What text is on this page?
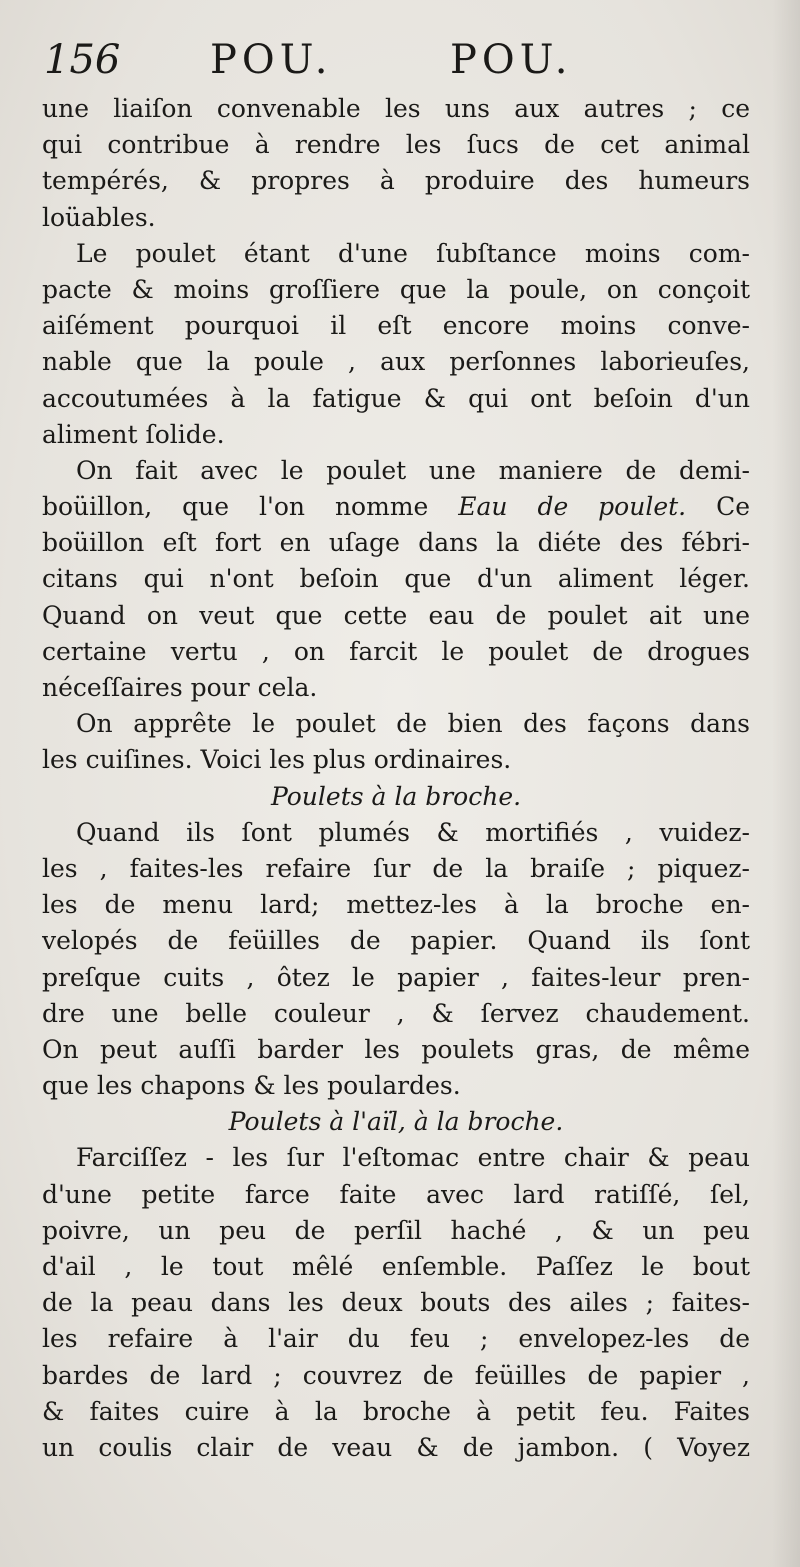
156 POU.	POU.
une liaiſon convenable les uns aux autres ; ce
qui contribue à rendre les ſucs de cet animal
tempérés, & propres à produire des humeurs
loüables.
Le poulet étant d'une ſubſtance moins com-
pacte & moins groſſiere que la poule, on conçoit
aiſément pourquoi il eſt encore moins conve-
nable que la poule , aux perſonnes laborieuſes,
accoutumées à la fatigue & qui ont beſoin d'un
aliment ſolide.
On fait avec le poulet une maniere de demi-
boüillon, que l'on nomme Eau de poulet. Ce
boüillon eſt fort en uſage dans la diéte des fébri-
citans qui n'ont beſoin que d'un aliment léger.
Quand on veut que cette eau de poulet ait une
certaine vertu , on farcit le poulet de drogues
néceſſaires pour cela.
On apprête le poulet de bien des façons dans
les cuiſines. Voici les plus ordinaires.
Poulets à la broche.
Quand ils ſont plumés & mortifiés , vuidez-
les , faites-les refaire ſur de la braiſe ; piquez-
les de menu lard; mettez-les à la broche en-
velopés de feüilles de papier. Quand ils ſont
preſque cuits , ôtez le papier , faites-leur pren-
dre une belle couleur , & ſervez chaudement.
On peut auſſi barder les poulets gras, de même
que les chapons & les poulardes.
Poulets à l'aïl, à la broche.
Farciſſez - les ſur l'eſtomac entre chair & peau
d'une petite farce faite avec lard ratiſſé, ſel,
poivre, un peu de perſil haché , & un peu
d'ail , le tout mêlé enſemble. Paſſez le bout
de la peau dans les deux bouts des ailes ; faites-
les refaire à l'air du feu ; envelopez-les de
bardes de lard ; couvrez de feüilles de papier ,
& faites cuire à la broche à petit feu. Faites
un coulis clair de veau & de jambon. ( Voyez
